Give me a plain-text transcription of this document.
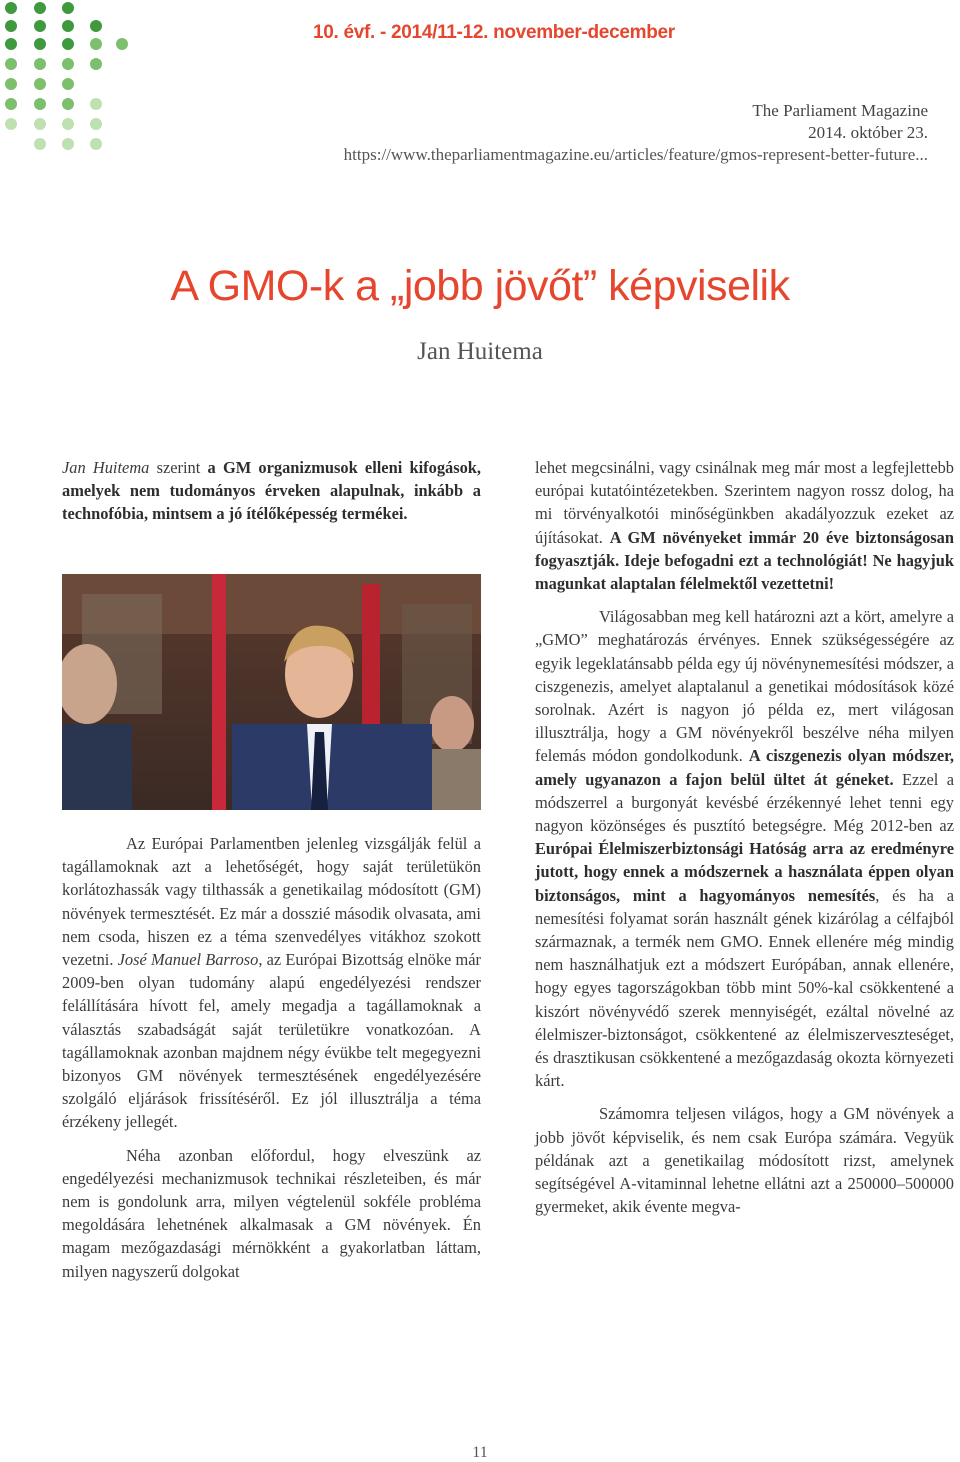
10. évf. - 2014/11-12. november-december
The Parliament Magazine
2014. október 23.
https://www.theparliamentmagazine.eu/articles/feature/gmos-represent-better-future...
A GMO-k a „jobb jövőt” képviselik
Jan Huitema

Jan Huitema szerint a GM organizmusok elleni kifogások, amelyek nem tudományos érveken alapulnak, inkább a technofóbia, mintsem a jó ítélőképesség termékei.

Az Európai Parlamentben jelenleg vizsgálják felül a tagállamoknak azt a lehetőségét, hogy saját területükön korlátozhassák vagy tilthassák a genetikailag módosított (GM) növények termesztését. Ez már a dosszié második olvasata, ami nem csoda, hiszen ez a téma szenvedélyes vitákhoz szokott vezetni. José Manuel Barroso, az Európai Bizottság elnöke már 2009-ben olyan tudomány alapú engedélyezési rendszer felállítására hívott fel, amely megadja a tagállamoknak a választás szabadságát saját területükre vonatkozóan. A tagállamoknak azonban majdnem négy évükbe telt megegyezni bizonyos GM növények termesztésének engedélyezésére szolgáló eljárások frissítéséről. Ez jól illusztrálja a téma érzékeny jellegét.

Néha azonban előfordul, hogy elveszünk az engedélyezési mechanizmusok technikai részleteiben, és már nem is gondolunk arra, milyen végtelenül sokféle probléma megoldására lehetnének alkalmasak a GM növények. Én magam mezőgazdasági mérnökként a gyakorlatban láttam, milyen nagyszerű dolgokat

lehet megcsinálni, vagy csinálnak meg már most a legfejlettebb európai kutatóintézetekben. Szerintem nagyon rossz dolog, ha mi törvényalkotói minőségünkben akadályozzuk ezeket az újításokat. A GM növényeket immár 20 éve biztonságosan fogyasztják. Ideje befogadni ezt a technológiát! Ne hagyjuk magunkat alaptalan félelmektől vezettetni!

Világosabban meg kell határozni azt a kört, amelyre a „GMO” meghatározás érvényes. Ennek szükségességére az egyik legeklatánsabb példa egy új növénynemesítési módszer, a ciszgenezis, amelyet alaptalanul a genetikai módosítások közé sorolnak. Azért is nagyon jó példa ez, mert világosan illusztrálja, hogy a GM növényekről beszélve néha milyen felemás módon gondolkodunk. A ciszgenezis olyan módszer, amely ugyanazon a fajon belül ültet át géneket. Ezzel a módszerrel a burgonyát kevésbé érzékennyé lehet tenni egy nagyon közönséges és pusztító betegségre. Még 2012-ben az Európai Élelmiszerbiztonsági Hatóság arra az eredményre jutott, hogy ennek a módszernek a használata éppen olyan biztonságos, mint a hagyományos nemesítés, és ha a nemesítési folyamat során használt gének kizárólag a célfajból származnak, a termék nem GMO. Ennek ellenére még mindig nem használhatjuk ezt a módszert Európában, annak ellenére, hogy egyes tagországokban több mint 50%-kal csökkentené a kiszórt növényvédő szerek mennyiségét, ezáltal növelné az élelmiszer-biztonságot, csökkentené az élelmiszerveszteséget, és drasztikusan csökkentené a mezőgazdaság okozta környezeti kárt.

Számomra teljesen világos, hogy a GM növények a jobb jövőt képviselik, és nem csak Európa számára. Vegyük példának azt a genetikailag módosított rizst, amelynek segítségével A-vitaminnal lehetne ellátni azt a 250000–500000 gyermeket, akik évente megva-

11
